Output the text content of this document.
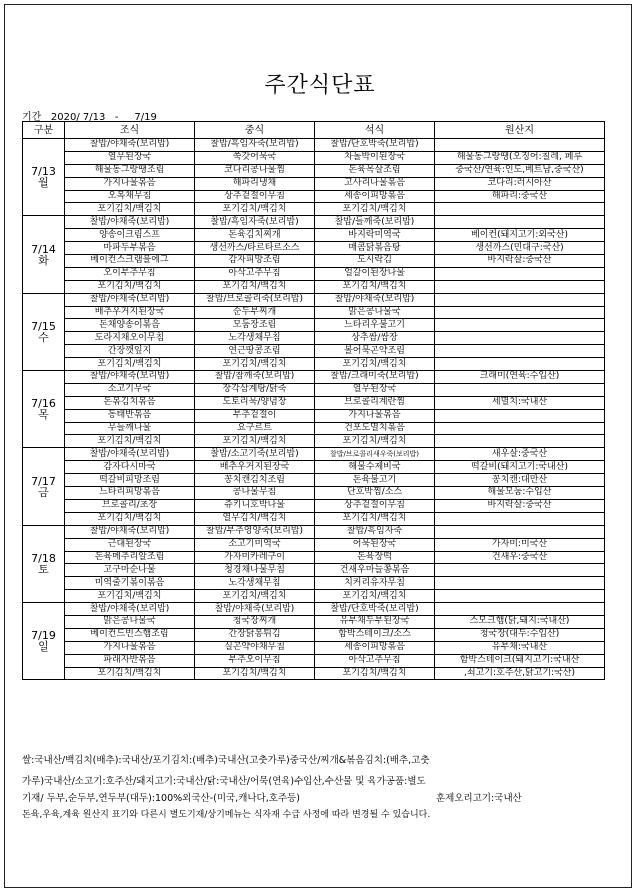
주간식단표
기간 2020/ 7/13 - 7/19
구분	조식	중식	석식	원산지

7/13
월	찰밥/야채죽(보리밥)	찰밥/흑임자죽(보리밥)	찰밥/단호박죽(보리밥)	
	열무된장국	쑥갓어묵국	차돌박이된장국	해물동그랑땡(오징어:칠레, 페루
	해물동그랑땡조림	코다리콩나물찜	돈육목살조림	중국산/연육:인도,베트남,중국산)
	가지나물볶음	해파리냉채	고사리나물볶음	코다리:러시아산
	오복채무침	상추겉절이무침	세송이피망볶음	해파리:중국산
	포기김치/백김치	포기김치/백김치	포기김치/백김치	

7/14
화	찰밥/야채죽(보리밥)	찰밥/흑임자죽(보리밥)	찰밥/들깨죽(보리밥)	
	양송이크림스프	돈육김치찌개	바지락미역국	베이컨(돼지고기:외국산)
	마파두부볶음	생선까스/타르타르소스	매콤닭볶음탕	생선까스(민대구:국산)
	베이컨스크램블에그	감자피망조림	도시락김	바지락살:중국산
	오이부추무침	아삭고추무침	얼갈이된장나물	
	포기김치/백김치	포기김치/백김치	포기김치/백김치	

7/15
수	찰밥/야채죽(보리밥)	찰밥/브로콜리죽(보리밥)	찰밥/야채죽(보리밥)	
	배추우거지된장국	순두부찌개	맑은콩나물국	
	돈채양송이볶음	모둠장조림	느타리우불고기	
	도라지채오이무침	노각생채무침	상추쌈/쌈장	
	간장깻잎지	연근땅콩조림	볼어묵곤약조림	
	포기김치/백김치	포기김치/백김치	포기김치/백김치	

7/16
목	찰밥/야채죽(보리밥)	찰밥/참깨죽(보리밥)	찰밥/크래미죽(보리밥)	크래미(연육:수입산)
	소고기무국	장각삼계탕/닭죽	열무된장국	
	돈볶김치볶음	도토리묵/양념장	브로콜리계란찜	세멸치:국내산
	동태반볶음	부추겉절이	가지나물볶음	
	무들깨나물	요구르트	건포도멸치볶음	
	포기김치/백김치	포기김치/백김치	포기김치/백김치	

7/17
금	찰밥/야채죽(보리밥)	찰밥/소고기죽(보리밥)	찰밥/브로콜리새우죽(보리밥)	새우살:중국산
	감자다시마국	배추우거지된장국	해물수제비국	떡갈비(돼지고기:국내산)
	떡갈비피망조림	꽁치캔김치조림	돈육불고기	꽁치캔:대만산
	느타리피망볶음	콩나물무침	단호박찜/소스	해물모둠:수입산
	브로콜리/초장	쥬키니호박나물	상추겉절이무침	바지락살:중국산
	포기김치/백김치	열무김치/백김치	포기김치/백김치	

7/18
토	찰밥/야채죽(보리밥)	찰밥/부추영양죽(보리밥)	찰밥/흑임자죽	
	근대된장국	소고기미역국	어묵된장국	가자미:미국산
	돈육메추리알조림	가자미카레구이	돈육장떡	건새우:중국산
	고구마순나물	청경채나물무침	건새우마늘쫑볶음	
	미역줄기볶이볶음	노각생채무침	치커리유자무침	
	포기김치/백김치	포기김치/백김치	포기김치/백김치	

7/19
일	찰밥/야채죽(보리밥)	찰밥/야채죽(보리밥)	찰밥/단호박죽(보리밥)	
	맑은콩나물국	청국장찌개	유부채두부된장국	스모크햄(닭,돼지:국내산)
	베이컨드빈스햄조림	간장닭봉튀김	함박스테이크/소스	청국장(대두:수입산)
	가지나물볶음	실곤약야채무침	세송이피망볶음	유부채:국내산
	파래자반볶음	부추오이무침	아삭고추무침	함박스테이크(돼지고기:국내산
	포기김치/백김치	포기김치/백김치	포기김치/백김치	,쇠고기:호주산,닭고기:국산)
쌀:국내산/백김치(배추):국내산/포기김치:(배추)국내산(고춧가루)중국산/찌개&볶음김치:(배추,고춧
가루)국내산/소고기:호주산/돼지고기:국내산/닭:국내산/어묵(연육)수입산,수산물 및 육가공품:별도
기재/ 두부,순두부,연두부(대두):100%외국산-(미국,캐나다,호주등)	훈제오리고기:국내산
돈육,우육,계육 원산지 표기와 다른시 별도기재/상기메뉴는 식자재 수급 사정에 따라 변경될 수 있습니다.
